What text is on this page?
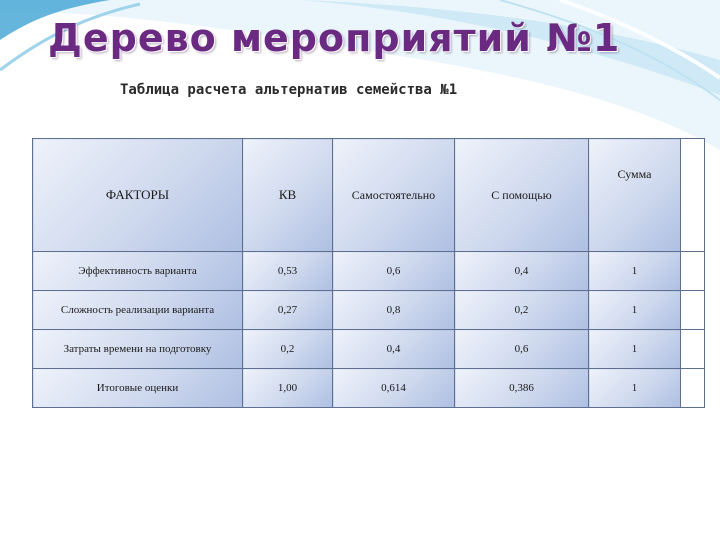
Дерево мероприятий №1
Таблица расчета альтернатив семейства №1
ФАКТОРЫ	КВ	Самостоятельно	С помощью	Сумма	
Эффективность варианта	0,53	0,6	0,4	1	
Сложность реализации варианта	0,27	0,8	0,2	1	
Затраты времени на подготовку	0,2	0,4	0,6	1	
Итоговые оценки	1,00	0,614	0,386	1	
